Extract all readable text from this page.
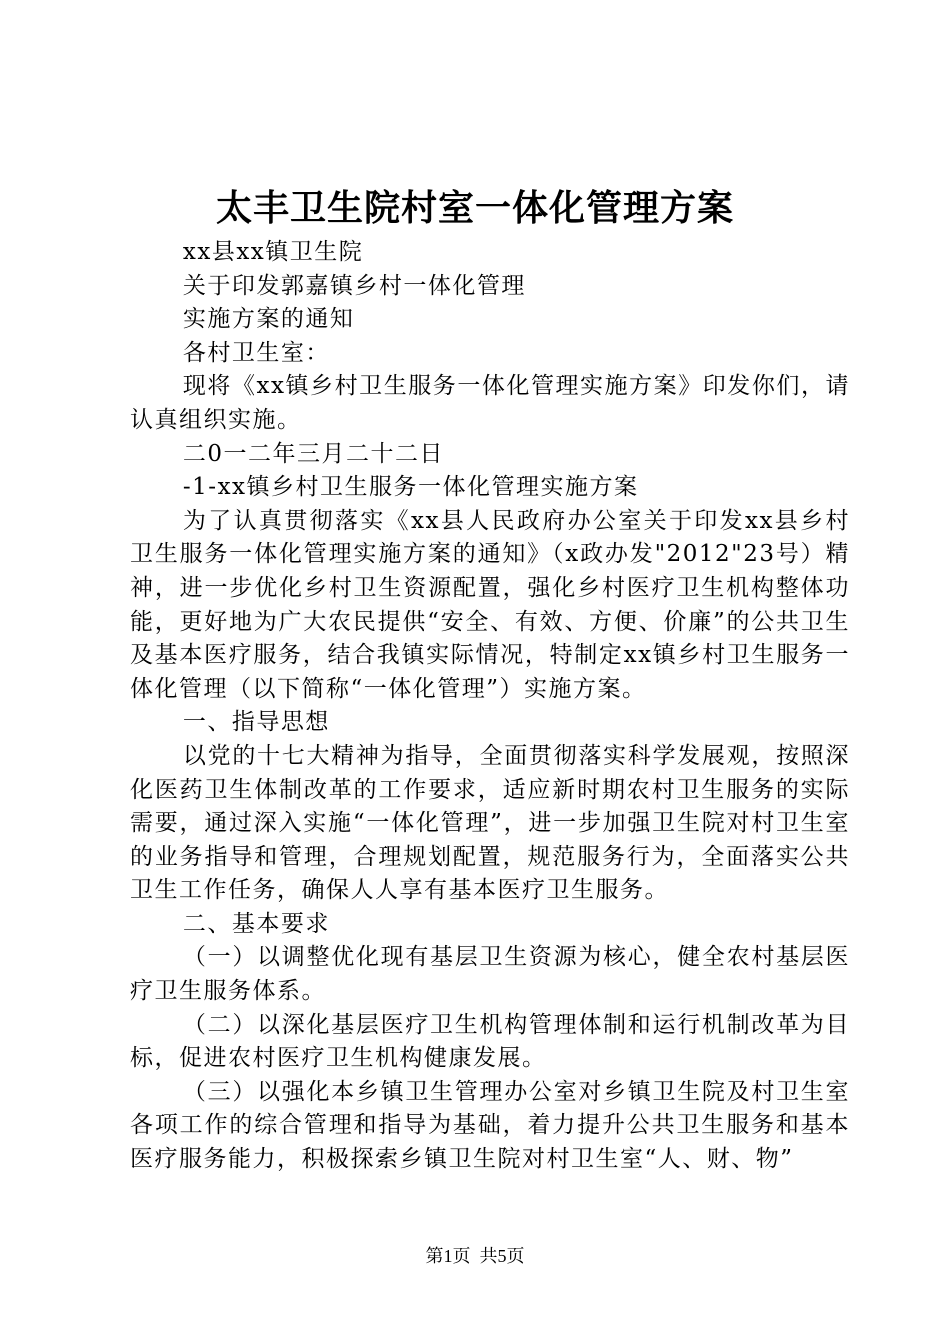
太丰卫生院村室一体化管理方案

xx县xx镇卫生院

关于印发郭嘉镇乡村一体化管理

实施方案的通知

各村卫生室：

现将《xx镇乡村卫生服务一体化管理实施方案》印发你们，请认真组织实施。

二0一二年三月二十二日

-1-xx镇乡村卫生服务一体化管理实施方案

为了认真贯彻落实《xx县人民政府办公室关于印发xx县乡村卫生服务一体化管理实施方案的通知》（x政办发"2012"23号）精神，进一步优化乡村卫生资源配置，强化乡村医疗卫生机构整体功能，更好地为广大农民提供“安全、有效、方便、价廉”的公共卫生及基本医疗服务，结合我镇实际情况，特制定xx镇乡村卫生服务一体化管理（以下简称“一体化管理”）实施方案。

一、指导思想

以党的十七大精神为指导，全面贯彻落实科学发展观，按照深化医药卫生体制改革的工作要求，适应新时期农村卫生服务的实际需要，通过深入实施“一体化管理”，进一步加强卫生院对村卫生室的业务指导和管理，合理规划配置，规范服务行为，全面落实公共卫生工作任务，确保人人享有基本医疗卫生服务。

二、基本要求

（一）以调整优化现有基层卫生资源为核心，健全农村基层医疗卫生服务体系。

（二）以深化基层医疗卫生机构管理体制和运行机制改革为目标，促进农村医疗卫生机构健康发展。

（三）以强化本乡镇卫生管理办公室对乡镇卫生院及村卫生室各项工作的综合管理和指导为基础，着力提升公共卫生服务和基本医疗服务能力，积极探索乡镇卫生院对村卫生室“人、财、物”

第1页  共5页
